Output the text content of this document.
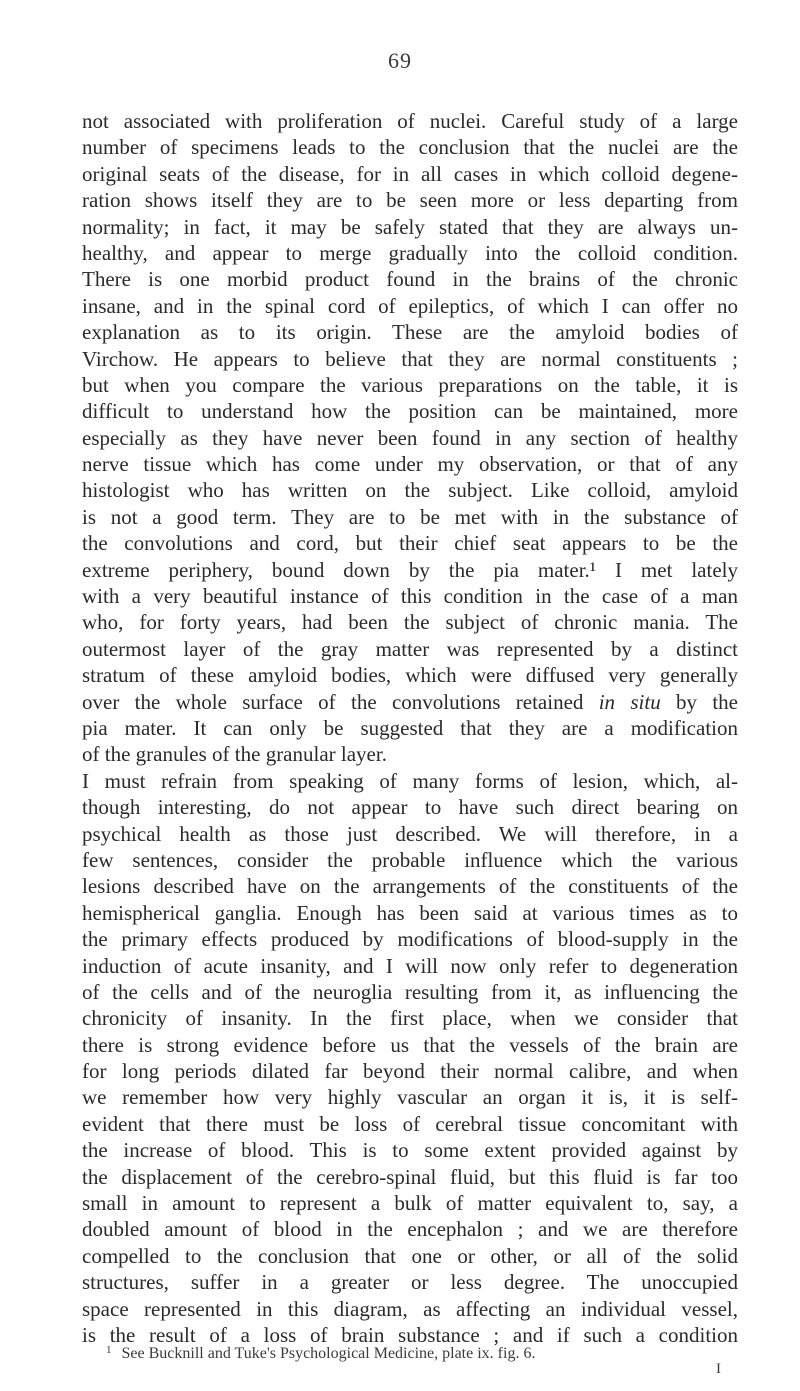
69
not associated with proliferation of nuclei. Careful study of a large
number of specimens leads to the conclusion that the nuclei are the
original seats of the disease, for in all cases in which colloid degene-
ration shows itself they are to be seen more or less departing from
normality; in fact, it may be safely stated that they are always un-
healthy, and appear to merge gradually into the colloid condition.
There is one morbid product found in the brains of the chronic
insane, and in the spinal cord of epileptics, of which I can offer no
explanation as to its origin. These are the amyloid bodies of
Virchow. He appears to believe that they are normal constituents ;
but when you compare the various preparations on the table, it is
difficult to understand how the position can be maintained, more
especially as they have never been found in any section of healthy
nerve tissue which has come under my observation, or that of any
histologist who has written on the subject. Like colloid, amyloid
is not a good term. They are to be met with in the substance of
the convolutions and cord, but their chief seat appears to be the
extreme periphery, bound down by the pia mater.¹ I met lately
with a very beautiful instance of this condition in the case of a man
who, for forty years, had been the subject of chronic mania. The
outermost layer of the gray matter was represented by a distinct
stratum of these amyloid bodies, which were diffused very generally
over the whole surface of the convolutions retained in situ by the
pia mater. It can only be suggested that they are a modification
of the granules of the granular layer.
I must refrain from speaking of many forms of lesion, which, al-
though interesting, do not appear to have such direct bearing on
psychical health as those just described. We will therefore, in a
few sentences, consider the probable influence which the various
lesions described have on the arrangements of the constituents of the
hemispherical ganglia. Enough has been said at various times as to
the primary effects produced by modifications of blood-supply in the
induction of acute insanity, and I will now only refer to degeneration
of the cells and of the neuroglia resulting from it, as influencing the
chronicity of insanity. In the first place, when we consider that
there is strong evidence before us that the vessels of the brain are
for long periods dilated far beyond their normal calibre, and when
we remember how very highly vascular an organ it is, it is self-
evident that there must be loss of cerebral tissue concomitant with
the increase of blood. This is to some extent provided against by
the displacement of the cerebro-spinal fluid, but this fluid is far too
small in amount to represent a bulk of matter equivalent to, say, a
doubled amount of blood in the encephalon ; and we are therefore
compelled to the conclusion that one or other, or all of the solid
structures, suffer in a greater or less degree. The unoccupied
space represented in this diagram, as affecting an individual vessel,
is the result of a loss of brain substance ; and if such a condition
$^1$ See Bucknill and Tuke's Psychological Medicine, plate ix. fig. 6.
I
